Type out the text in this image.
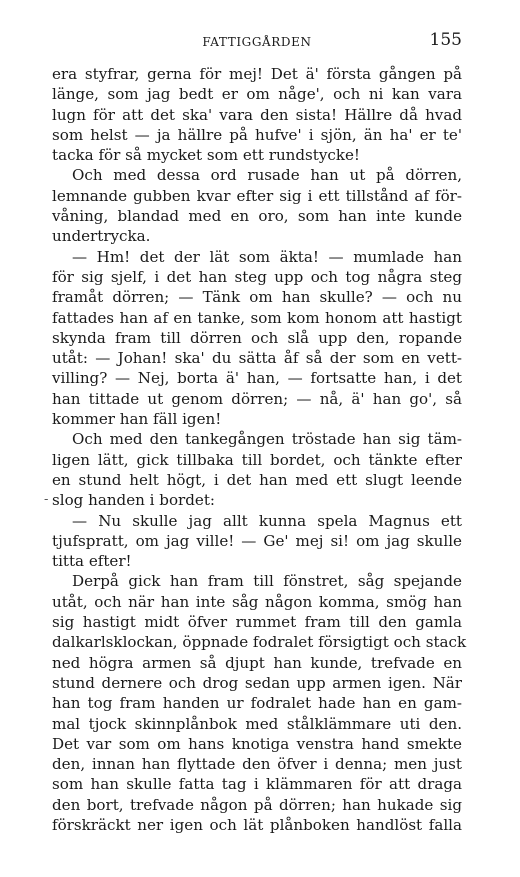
FATTIGGÅRDEN	155
era styfrar, gerna för mej! Det ä' första gången på
länge, som jag bedt er om någe', och ni kan vara
lugn för att det ska' vara den sista! Hällre då hvad
som helst — ja hällre på hufve' i sjön, än ha' er te'
tacka för så mycket som ett rundstycke!
Och med dessa ord rusade han ut på dörren,
lemnande gubben kvar efter sig i ett tillstånd af för-
våning, blandad med en oro, som han inte kunde
undertrycka.
— Hm! det der lät som äkta! — mumlade han
för sig sjelf, i det han steg upp och tog några steg
framåt dörren; — Tänk om han skulle? — och nu
fattades han af en tanke, som kom honom att hastigt
skynda fram till dörren och slå upp den, ropande
utåt: — Johan! ska' du sätta åf så der som en vett-
villing? — Nej, borta ä' han, — fortsatte han, i det
han tittade ut genom dörren; — nå, ä' han go', så
kommer han fäll igen!
Och med den tankegången tröstade han sig täm-
ligen lätt, gick tillbaka till bordet, och tänkte efter
en stund helt högt, i det han med ett slugt leende
- slog handen i bordet:
— Nu skulle jag allt kunna spela Magnus ett
tjufspratt, om jag ville! — Ge' mej si! om jag skulle
titta efter!
Derpå gick han fram till fönstret, såg spejande
utåt, och när han inte såg någon komma, smög han
sig hastigt midt öfver rummet fram till den gamla
dalkarlsklockan, öppnade fodralet försigtigt och stack
ned högra armen så djupt han kunde, trefvade en
stund dernere och drog sedan upp armen igen. När
han tog fram handen ur fodralet hade han en gam-
mal tjock skinnplånbok med stålklämmare uti den.
Det var som om hans knotiga venstra hand smekte
den, innan han flyttade den öfver i denna; men just
som han skulle fatta tag i klämmaren för att draga
den bort, trefvade någon på dörren; han hukade sig
förskräckt ner igen och lät plånboken handlöst falla
